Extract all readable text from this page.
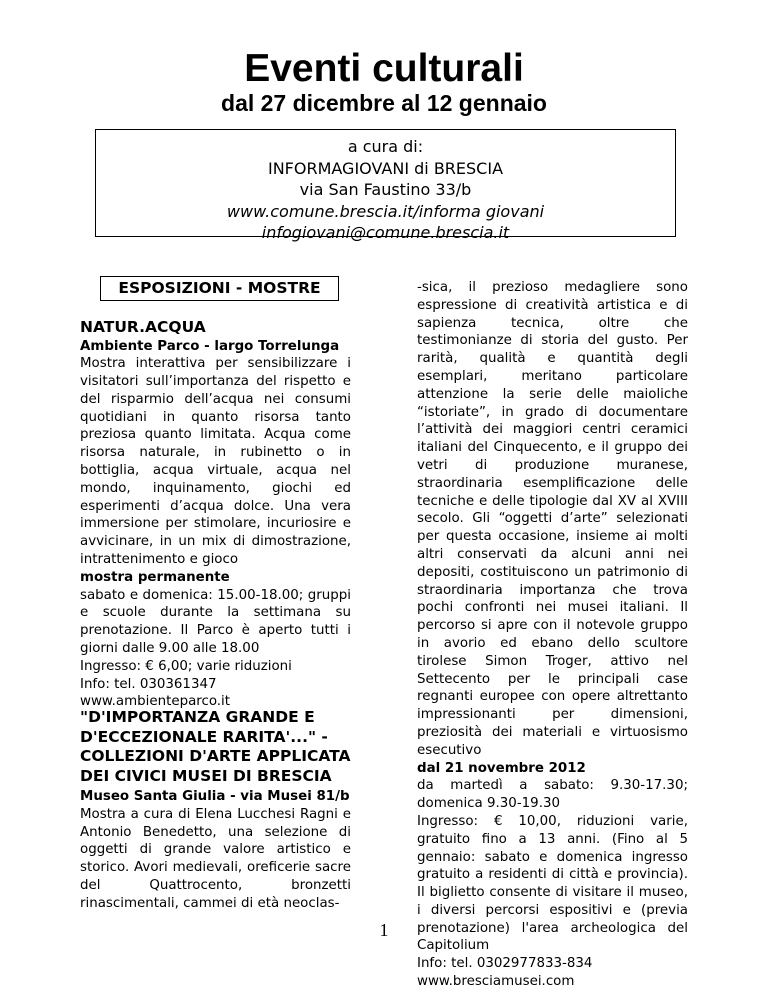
Eventi culturali
dal 27 dicembre al 12 gennaio
a cura di:
INFORMAGIOVANI di BRESCIA
via San Faustino 33/b
www.comune.brescia.it/informa giovani
infogiovani@comune.brescia.it
ESPOSIZIONI - MOSTRE

NATUR.ACQUA

Ambiente Parco - largo Torrelunga

Mostra interattiva per sensibilizzare i visitatori sull’importanza del rispetto e del risparmio dell’acqua nei consumi quotidiani in quanto risorsa tanto preziosa quanto limitata. Acqua come risorsa naturale, in rubinetto o in bottiglia, acqua virtuale, acqua nel mondo, inquinamento, giochi ed esperimenti d’acqua dolce. Una vera immersione per stimolare, incuriosire e avvicinare, in un mix di dimostrazione, intrattenimento e gioco

mostra permanente

sabato e domenica: 15.00-18.00; gruppi e scuole durante la settimana su prenotazione. Il Parco è aperto tutti i giorni dalle 9.00 alle 18.00

Ingresso: € 6,00; varie riduzioni

Info: tel. 030361347

www.ambienteparco.it

"D'IMPORTANZA GRANDE E

D'ECCEZIONALE RARITA'..." -

COLLEZIONI D'ARTE APPLICATA

DEI CIVICI MUSEI DI BRESCIA

Museo Santa Giulia - via Musei 81/b

Mostra a cura di Elena Lucchesi Ragni e Antonio Benedetto, una selezione di oggetti di grande valore artistico e storico. Avori medievali, oreficerie sacre del Quattrocento, bronzetti rinascimentali, cammei di età neoclas-

-sica, il prezioso medagliere sono espressione di creatività artistica e di sapienza tecnica, oltre che testimonianze di storia del gusto. Per rarità, qualità e quantità degli esemplari, meritano particolare attenzione la serie delle maioliche “istoriate”, in grado di documentare l’attività dei maggiori centri ceramici italiani del Cinquecento, e il gruppo dei vetri di produzione muranese, straordinaria esemplificazione delle tecniche e delle tipologie dal XV al XVIII secolo. Gli “oggetti d’arte” selezionati per questa occasione, insieme ai molti altri conservati da alcuni anni nei depositi, costituiscono un patrimonio di straordinaria importanza che trova pochi confronti nei musei italiani. Il percorso si apre con il notevole gruppo in avorio ed ebano dello scultore tirolese Simon Troger, attivo nel Settecento per le principali case regnanti europee con opere altrettanto impressionanti per dimensioni, preziosità dei materiali e virtuosismo esecutivo

dal 21 novembre 2012

da martedì a sabato: 9.30-17.30; domenica 9.30-19.30

Ingresso: € 10,00, riduzioni varie, gratuito fino a 13 anni. (Fino al 5 gennaio: sabato e domenica ingresso gratuito a residenti di città e provincia). Il biglietto consente di visitare il museo, i diversi percorsi espositivi e (previa prenotazione) l'area archeologica del Capitolium

Info: tel. 0302977833-834

www.bresciamusei.com

1
